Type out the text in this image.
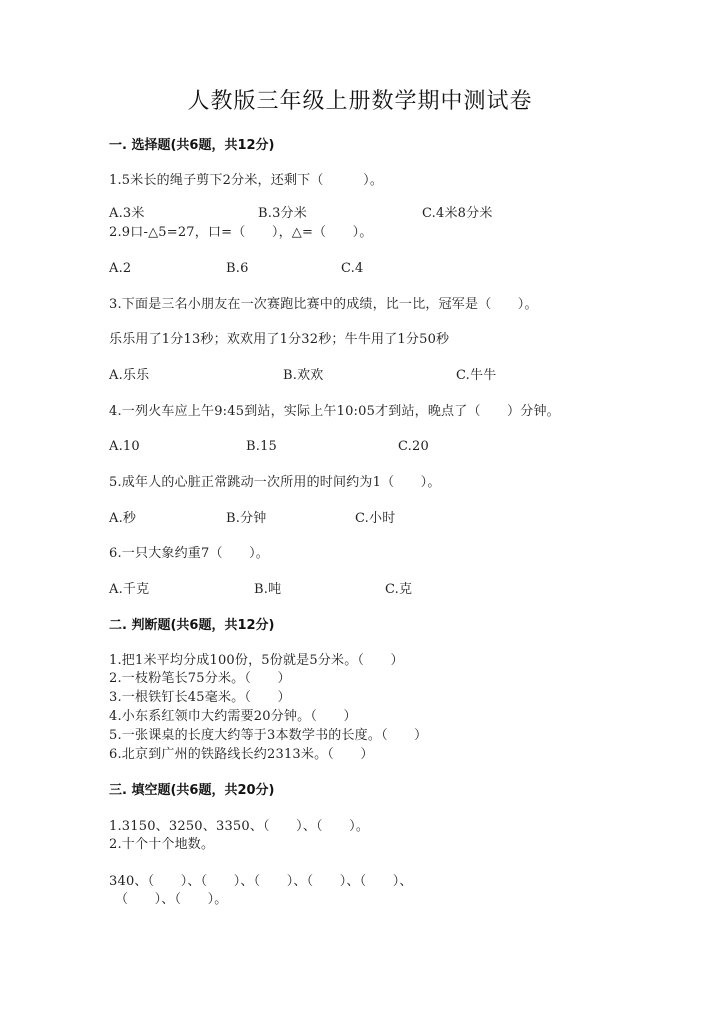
人教版三年级上册数学期中测试卷
一. 选择题(共6题，共12分)
1.5米长的绳子剪下2分米，还剩下（　　　）。
A.3米	B.3分米	C.4米8分米
2.9口-△5=27，口=（　　），△=（　　）。
A.2	B.6	C.4
3.下面是三名小朋友在一次赛跑比赛中的成绩，比一比，冠军是（　　）。
乐乐用了1分13秒；欢欢用了1分32秒；牛牛用了1分50秒
A.乐乐	B.欢欢	C.牛牛
4.一列火车应上午9:45到站，实际上午10:05才到站，晚点了（　　）分钟。
A.10	B.15	C.20
5.成年人的心脏正常跳动一次所用的时间约为1（　　）。
A.秒	B.分钟	C.小时
6.一只大象约重7（　　）。
A.千克	B.吨	C.克
二. 判断题(共6题，共12分)
1.把1米平均分成100份，5份就是5分米。（　　）
2.一枝粉笔长75分米。（　　）
3.一根铁钉长45毫米。（　　）
4.小东系红领巾大约需要20分钟。（　　）
5.一张课桌的长度大约等于3本数学书的长度。（　　）
6.北京到广州的铁路线长约2313米。（　　）
三. 填空题(共6题，共20分)
1.3150、3250、3350、（　　）、（　　）。
2.十个十个地数。
340、（　　）、（　　）、（　　）、（　　）、（　　）、
（　　）、（　　）。
